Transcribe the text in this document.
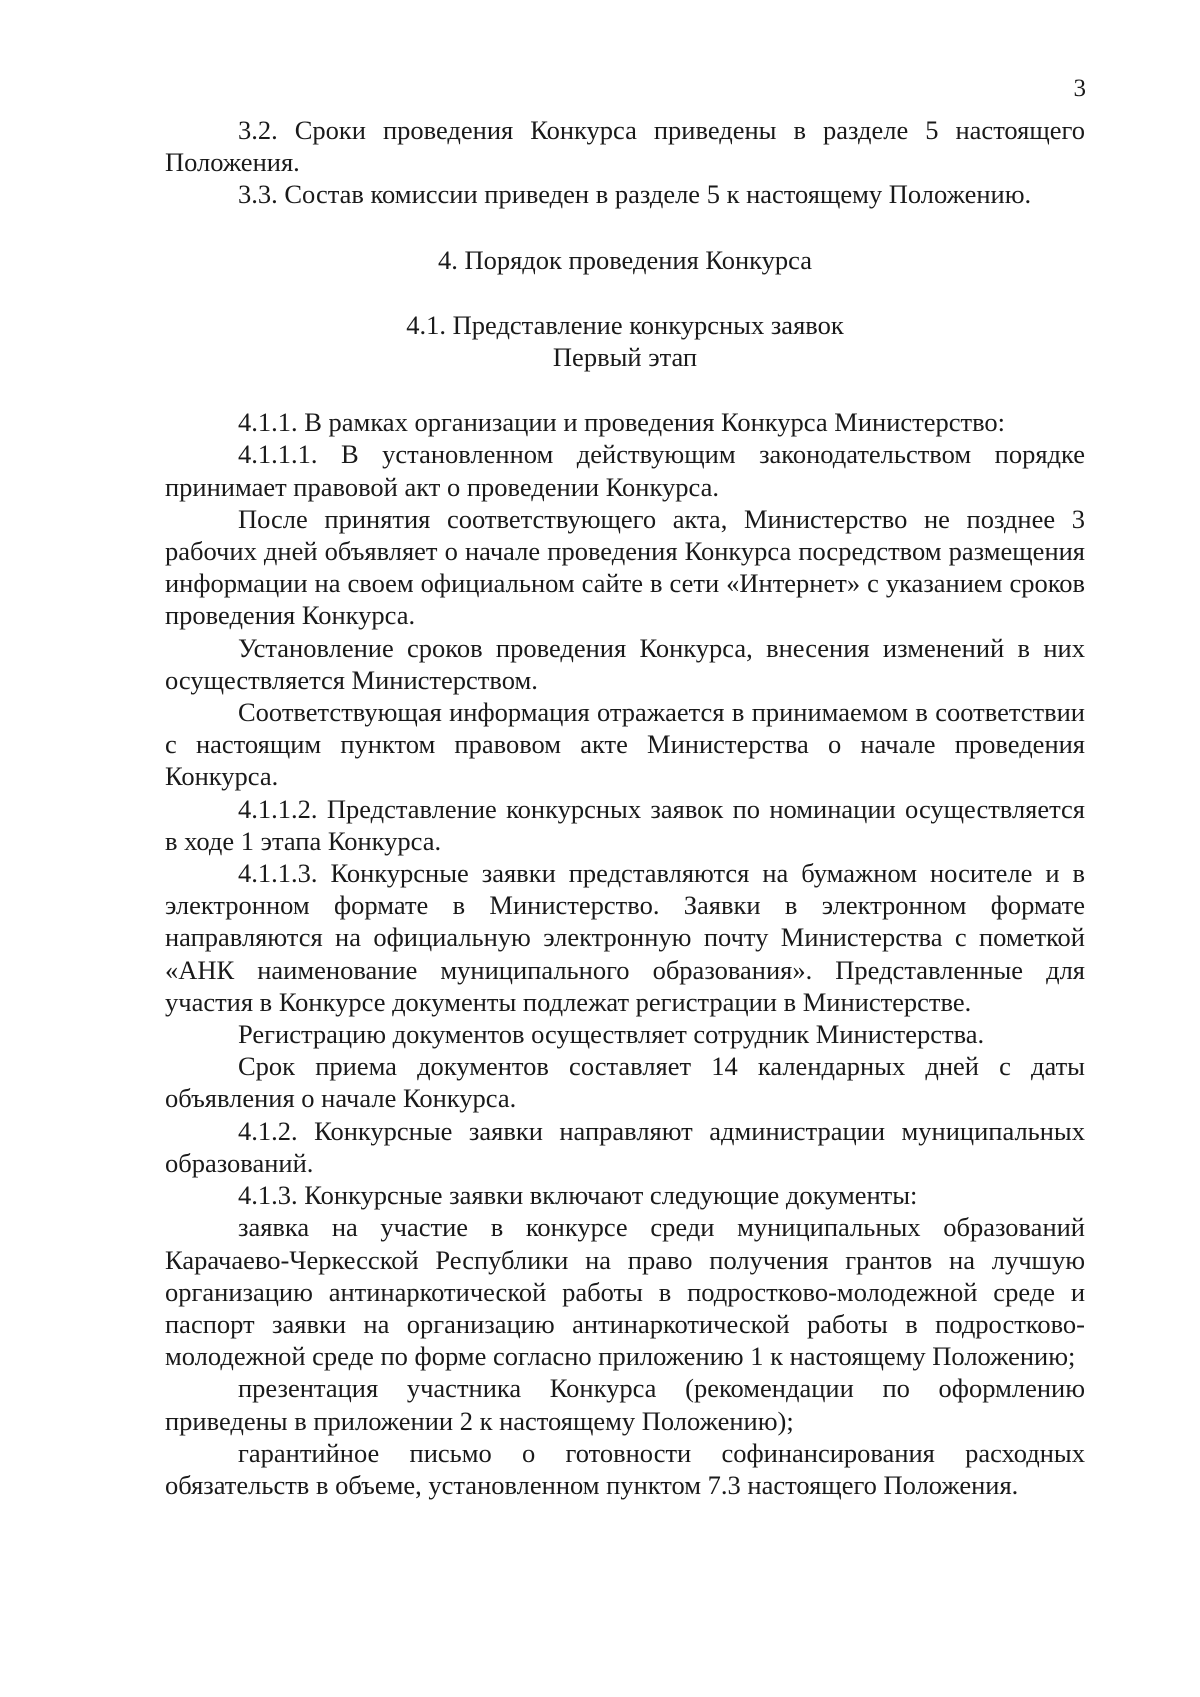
3

3.2. Сроки проведения Конкурса приведены в разделе 5 настоящего Положения.

3.3. Состав комиссии приведен в разделе 5 к настоящему Положению.

4. Порядок проведения Конкурса

4.1. Представление конкурсных заявок

Первый этап

4.1.1. В рамках организации и проведения Конкурса Министерство:

4.1.1.1. В установленном действующим законодательством порядке принимает правовой акт о проведении Конкурса.

После принятия соответствующего акта, Министерство не позднее 3 рабочих дней объявляет о начале проведения Конкурса посредством размещения информации на своем официальном сайте в сети «Интернет» с указанием сроков проведения Конкурса.

Установление сроков проведения Конкурса, внесения изменений в них осуществляется Министерством.

Соответствующая информация отражается в принимаемом в соответствии с настоящим пунктом правовом акте Министерства о начале проведения Конкурса.

4.1.1.2. Представление конкурсных заявок по номинации осуществляется в ходе 1 этапа Конкурса.

4.1.1.3. Конкурсные заявки представляются на бумажном носителе и в электронном формате в Министерство. Заявки в электронном формате направляются на официальную электронную почту Министерства с пометкой «АНК наименование муниципального образования». Представленные для участия в Конкурсе документы подлежат регистрации в Министерстве.

Регистрацию документов осуществляет сотрудник Министерства.

Срок приема документов составляет 14 календарных дней с даты объявления о начале Конкурса.

4.1.2. Конкурсные заявки направляют администрации муниципальных образований.

4.1.3. Конкурсные заявки включают следующие документы:

заявка на участие в конкурсе среди муниципальных образований Карачаево-Черкесской Республики на право получения грантов на лучшую организацию антинаркотической работы в подростково-молодежной среде и паспорт заявки на организацию антинаркотической работы в подростково-молодежной среде по форме согласно приложению 1 к настоящему Положению;

презентация участника Конкурса (рекомендации по оформлению приведены в приложении 2 к настоящему Положению);

гарантийное письмо о готовности софинансирования расходных обязательств в объеме, установленном пунктом 7.3 настоящего Положения.
